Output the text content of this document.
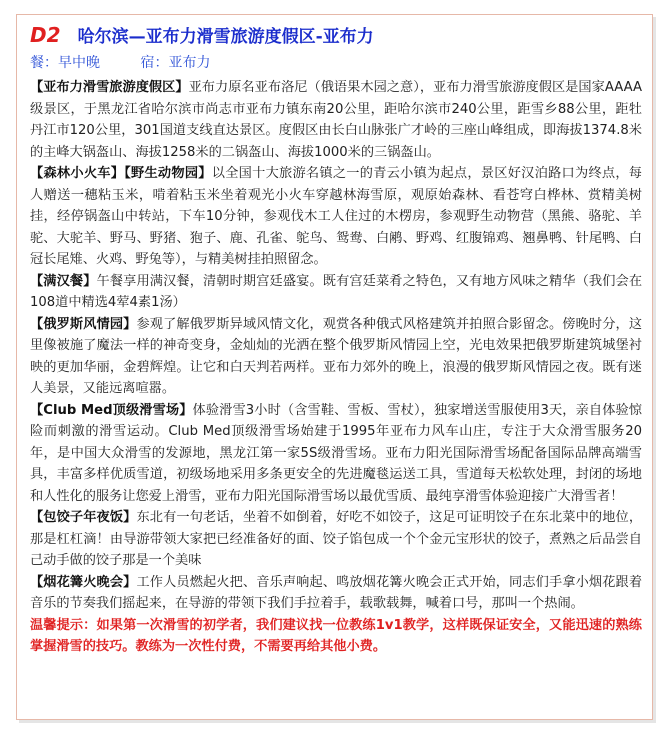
D2 哈尔滨—亚布力滑雪旅游度假区-亚布力
餐：早中晚	宿：亚布力

【亚布力滑雪旅游度假区】亚布力原名亚布洛尼（俄语果木园之意），亚布力滑雪旅游度假区是国家AAAA级景区，于黑龙江省哈尔滨市尚志市亚布力镇东南20公里，距哈尔滨市240公里，距雪乡88公里，距牡丹江市120公里，301国道支线直达景区。度假区由长白山脉张广才岭的三座山峰组成，即海拔1374.8米的主峰大锅盔山、海拔1258米的二锅盔山、海拔1000米的三锅盔山。

【森林小火车】【野生动物园】以全国十大旅游名镇之一的青云小镇为起点，景区好汉泊路口为终点，每人赠送一穗粘玉米，啃着粘玉米坐着观光小火车穿越林海雪原，观原始森林、看苍穹白桦林、赏精美树挂，经停锅盔山中转站，下车10分钟，参观伐木工人住过的木楞房，参观野生动物营（黑熊、骆驼、羊驼、大驼羊、野马、野猪、狍子、鹿、孔雀、鸵鸟、鸳鸯、白鹇、野鸡、红腹锦鸡、翘鼻鸭、针尾鸭、白冠长尾雉、火鸡、野兔等），与精美树挂拍照留念。

【满汉餐】午餐享用满汉餐，清朝时期宫廷盛宴。既有宫廷菜肴之特色，又有地方风味之精华（我们会在108道中精选4荤4素1汤）

【俄罗斯风情园】参观了解俄罗斯异域风情文化，观赏各种俄式风格建筑并拍照合影留念。傍晚时分，这里像被施了魔法一样的神奇变身，金灿灿的光洒在整个俄罗斯风情园上空，光电效果把俄罗斯建筑城堡衬映的更加华丽，金碧辉煌。让它和白天判若两样。亚布力郊外的晚上，浪漫的俄罗斯风情园之夜。既有迷人美景，又能远离喧嚣。

【Club Med顶级滑雪场】体验滑雪3小时（含雪鞋、雪板、雪杖），独家增送雪服使用3天，亲自体验惊险而刺激的滑雪运动。Club Med顶级滑雪场始建于1995年亚布力风车山庄，专注于大众滑雪服务20年，是中国大众滑雪的发源地，黑龙江第一家5S级滑雪场。亚布力阳光国际滑雪场配备国际品牌高端雪具，丰富多样优质雪道，初级场地采用多条更安全的先进魔毯运送工具，雪道每天松软处理，封闭的场地和人性化的服务让您爱上滑雪，亚布力阳光国际滑雪场以最优雪质、最纯享滑雪体验迎接广大滑雪者！

【包饺子年夜饭】东北有一句老话，坐着不如倒着，好吃不如饺子，这足可证明饺子在东北菜中的地位，那是杠杠滴！由导游带领大家把已经准备好的面、饺子馅包成一个个金元宝形状的饺子，煮熟之后品尝自己动手做的饺子那是一个美味

【烟花篝火晚会】工作人员燃起火把、音乐声响起、鸣放烟花篝火晚会正式开始，同志们手拿小烟花跟着音乐的节奏我们摇起来，在导游的带领下我们手拉着手，载歌载舞，喊着口号，那叫一个热闹。

温馨提示：如果第一次滑雪的初学者，我们建议找一位教练1v1教学，这样既保证安全，又能迅速的熟练掌握滑雪的技巧。教练为一次性付费，不需要再给其他小费。
